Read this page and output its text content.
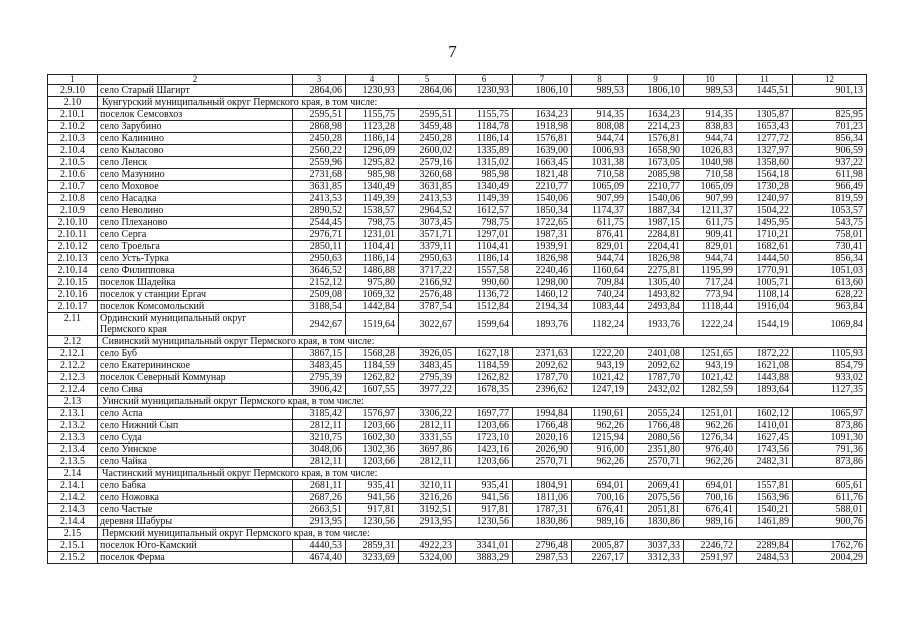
7
1	2	3	4	5	6	7	8	9	10	11	12
2.9.10	село Старый Шагирт	2864,06	1230,93	2864,06	1230,93	1806,10	989,53	1806,10	989,53	1445,51	901,13
2.10	Кунгурский муниципальный округ Пермского края, в том числе:										
2.10.1	поселок Семсовхоз	2595,51	1155,75	2595,51	1155,75	1634,23	914,35	1634,23	914,35	1305,87	825,95
2.10.2	село Зарубино	2868,98	1123,28	3459,48	1184,78	1918,98	808,08	2214,23	838,83	1653,43	701,23
2.10.3	село Калинино	2450,28	1186,14	2450,28	1186,14	1576,81	944,74	1576,81	944,74	1277,72	856,34
2.10.4	село Кыласово	2560,22	1296,09	2600,02	1335,89	1639,00	1006,93	1658,90	1026,83	1327,97	906,59
2.10.5	село Ленск	2559,96	1295,82	2579,16	1315,02	1663,45	1031,38	1673,05	1040,98	1358,60	937,22
2.10.6	село Мазунино	2731,68	985,98	3260,68	985,98	1821,48	710,58	2085,98	710,58	1564,18	611,98
2.10.7	село Моховое	3631,85	1340,49	3631,85	1340,49	2210,77	1065,09	2210,77	1065,09	1730,28	966,49
2.10.8	село Насадка	2413,53	1149,39	2413,53	1149,39	1540,06	907,99	1540,06	907,99	1240,97	819,59
2.10.9	село Неволино	2890,52	1538,57	2964,52	1612,57	1850,34	1174,37	1887,34	1211,37	1504,22	1053,57
2.10.10	село Плеханово	2544,45	798,75	3073,45	798,75	1722,65	611,75	1987,15	611,75	1495,95	543,75
2.10.11	село Серга	2976,71	1231,01	3571,71	1297,01	1987,31	876,41	2284,81	909,41	1710,21	758,01
2.10.12	село Троельга	2850,11	1104,41	3379,11	1104,41	1939,91	829,01	2204,41	829,01	1682,61	730,41
2.10.13	село Усть-Турка	2950,63	1186,14	2950,63	1186,14	1826,98	944,74	1826,98	944,74	1444,50	856,34
2.10.14	село Филипповка	3646,52	1486,88	3717,22	1557,58	2240,46	1160,64	2275,81	1195,99	1770,91	1051,03
2.10.15	поселок Шадейка	2152,12	975,80	2166,92	990,60	1298,00	709,84	1305,40	717,24	1005,71	613,60
2.10.16	поселок у станции Ергач	2509,08	1069,32	2576,48	1136,72	1460,12	740,24	1493,82	773,94	1108,14	628,22
2.10.17	поселок Комсомольский	3188,54	1442,84	3787,54	1512,84	2194,34	1083,44	2493,84	1118,44	1916,04	963,84
2.11	Ординский муниципальный округ Пермского края	2942,67	1519,64	3022,67	1599,64	1893,76	1182,24	1933,76	1222,24	1544,19	1069,84
2.12	Сивинский муниципальный округ Пермского края, в том числе:										
2.12.1	село Буб	3867,15	1568,28	3926,05	1627,18	2371,63	1222,20	2401,08	1251,65	1872,22	1105,93
2.12.2	село Екатерининское	3483,45	1184,59	3483,45	1184,59	2092,62	943,19	2092,62	943,19	1621,08	854,79
2.12.3	поселок Северный Коммунар	2795,39	1262,82	2795,39	1262,82	1787,70	1021,42	1787,70	1021,42	1443,88	933,02
2.12.4	село Сива	3906,42	1607,55	3977,22	1678,35	2396,62	1247,19	2432,02	1282,59	1893,64	1127,35
2.13	Уинский муниципальный округ Пермского края, в том числе:										
2.13.1	село Аспа	3185,42	1576,97	3306,22	1697,77	1994,84	1190,61	2055,24	1251,01	1602,12	1065,97
2.13.2	село Нижний Сып	2812,11	1203,66	2812,11	1203,66	1766,48	962,26	1766,48	962,26	1410,01	873,86
2.13.3	село Суда	3210,75	1602,30	3331,55	1723,10	2020,16	1215,94	2080,56	1276,34	1627,45	1091,30
2.13.4	село Уинское	3048,06	1302,36	3697,86	1423,16	2026,90	916,00	2351,80	976,40	1743,56	791,36
2.13.5	село Чайка	2812,11	1203,66	2812,11	1203,66	2570,71	962,26	2570,71	962,26	2482,31	873,86
2.14	Частинский муниципальный округ Пермского края, в том числе:										
2.14.1	село Бабка	2681,11	935,41	3210,11	935,41	1804,91	694,01	2069,41	694,01	1557,81	605,61
2.14.2	село Ножовка	2687,26	941,56	3216,26	941,56	1811,06	700,16	2075,56	700,16	1563,96	611,76
2.14.3	село Частые	2663,51	917,81	3192,51	917,81	1787,31	676,41	2051,81	676,41	1540,21	588,01
2.14.4	деревня Шабуры	2913,95	1230,56	2913,95	1230,56	1830,86	989,16	1830,86	989,16	1461,89	900,76
2.15	Пермский муниципальный округ Пермского края, в том числе:										
2.15.1	поселок Юго-Камский	4440,53	2859,31	4922,23	3341,01	2796,48	2005,87	3037,33	2246,72	2289,84	1762,76
2.15.2	поселок Ферма	4674,40	3233,69	5324,00	3883,29	2987,53	2267,17	3312,33	2591,97	2484,53	2004,29
